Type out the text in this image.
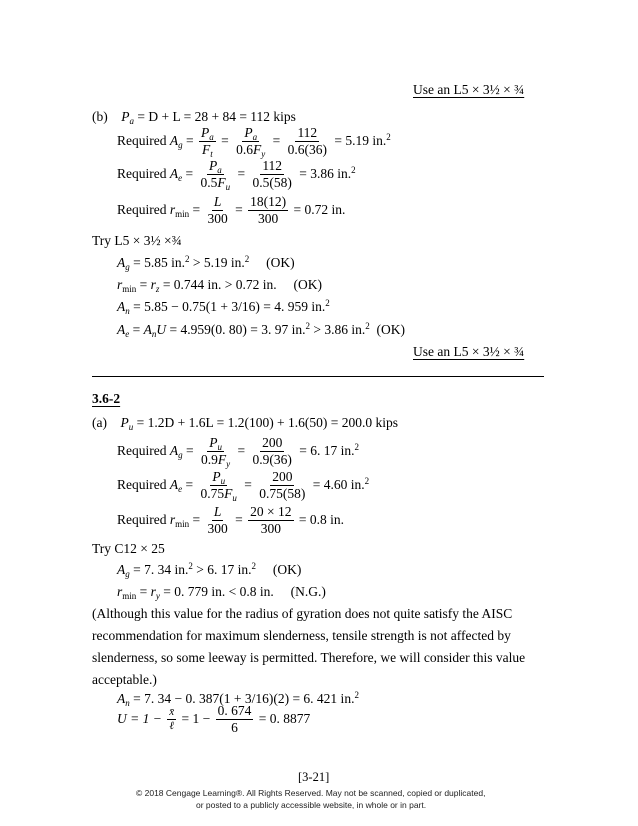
Use an L5 × 3½ × ¾
(b) $P_a = D + L = 28 + 84 = 112$ kips
Required $A_g = \frac{P_a}{F_t} = \frac{P_a}{0.6F_y} = \frac{112}{0.6(36)} = 5.19$ in.$^2$
Required $A_e = \frac{P_a}{0.5F_u} = \frac{112}{0.5(58)} = 3.86$ in.$^2$
Required $r_{min} = \frac{L}{300} = \frac{18(12)}{300} = 0.72$ in.
Try L5 × 3½ ×¾
$A_g = 5.85$ in.$^2$ > 5.19 in.$^2$ (OK)
$r_{min} = r_z = 0.744$ in. > 0.72 in. (OK)
$A_n = 5.85 - 0.75(1 + 3/16) = 4$. 959 in.$^2$
$A_e = A_nU = 4.959(0$. 80) = 3. 97 in.$^2$ > 3.86 in.$^2$ (OK)
Use an L5 × 3½ × ¾
3.6-2
(a) $P_u = 1.2D + 1.6L = 1.2(100) + 1.6(50) = 200.0$ kips
Required $A_g = \frac{P_u}{0.9F_y} = \frac{200}{0.9(36)} = 6$. 17 in.$^2$
Required $A_e = \frac{P_u}{0.75F_u} = \frac{200}{0.75(58)} = 4.60$ in.$^2$
Required $r_{min} = \frac{L}{300} = \frac{20 \times 12}{300} = 0.8$ in.
Try C12 × 25
$A_g = 7$. 34 in.$^2$ > 6. 17 in.$^2$ (OK)
$r_{min} = r_y = 0$. 779 in. < 0.8 in. (N.G.)
(Although this value for the radius of gyration does not quite satisfy the AISC
recommendation for maximum slenderness, tensile strength is not affected by
slenderness, so some leeway is permitted. Therefore, we will consider this value
acceptable.)
$A_n = 7$. 34 − 0. 387(1 + 3/16)(2) = 6. 421 in.$^2$
$U = 1 - \frac{x̄}{\text{ℓ}} = 1 - \frac{0. 674}{6} = 0$. 8877
[3-21]
© 2018 Cengage Learning®. All Rights Reserved. May not be scanned, copied or duplicated,
or posted to a publicly accessible website, in whole or in part.
